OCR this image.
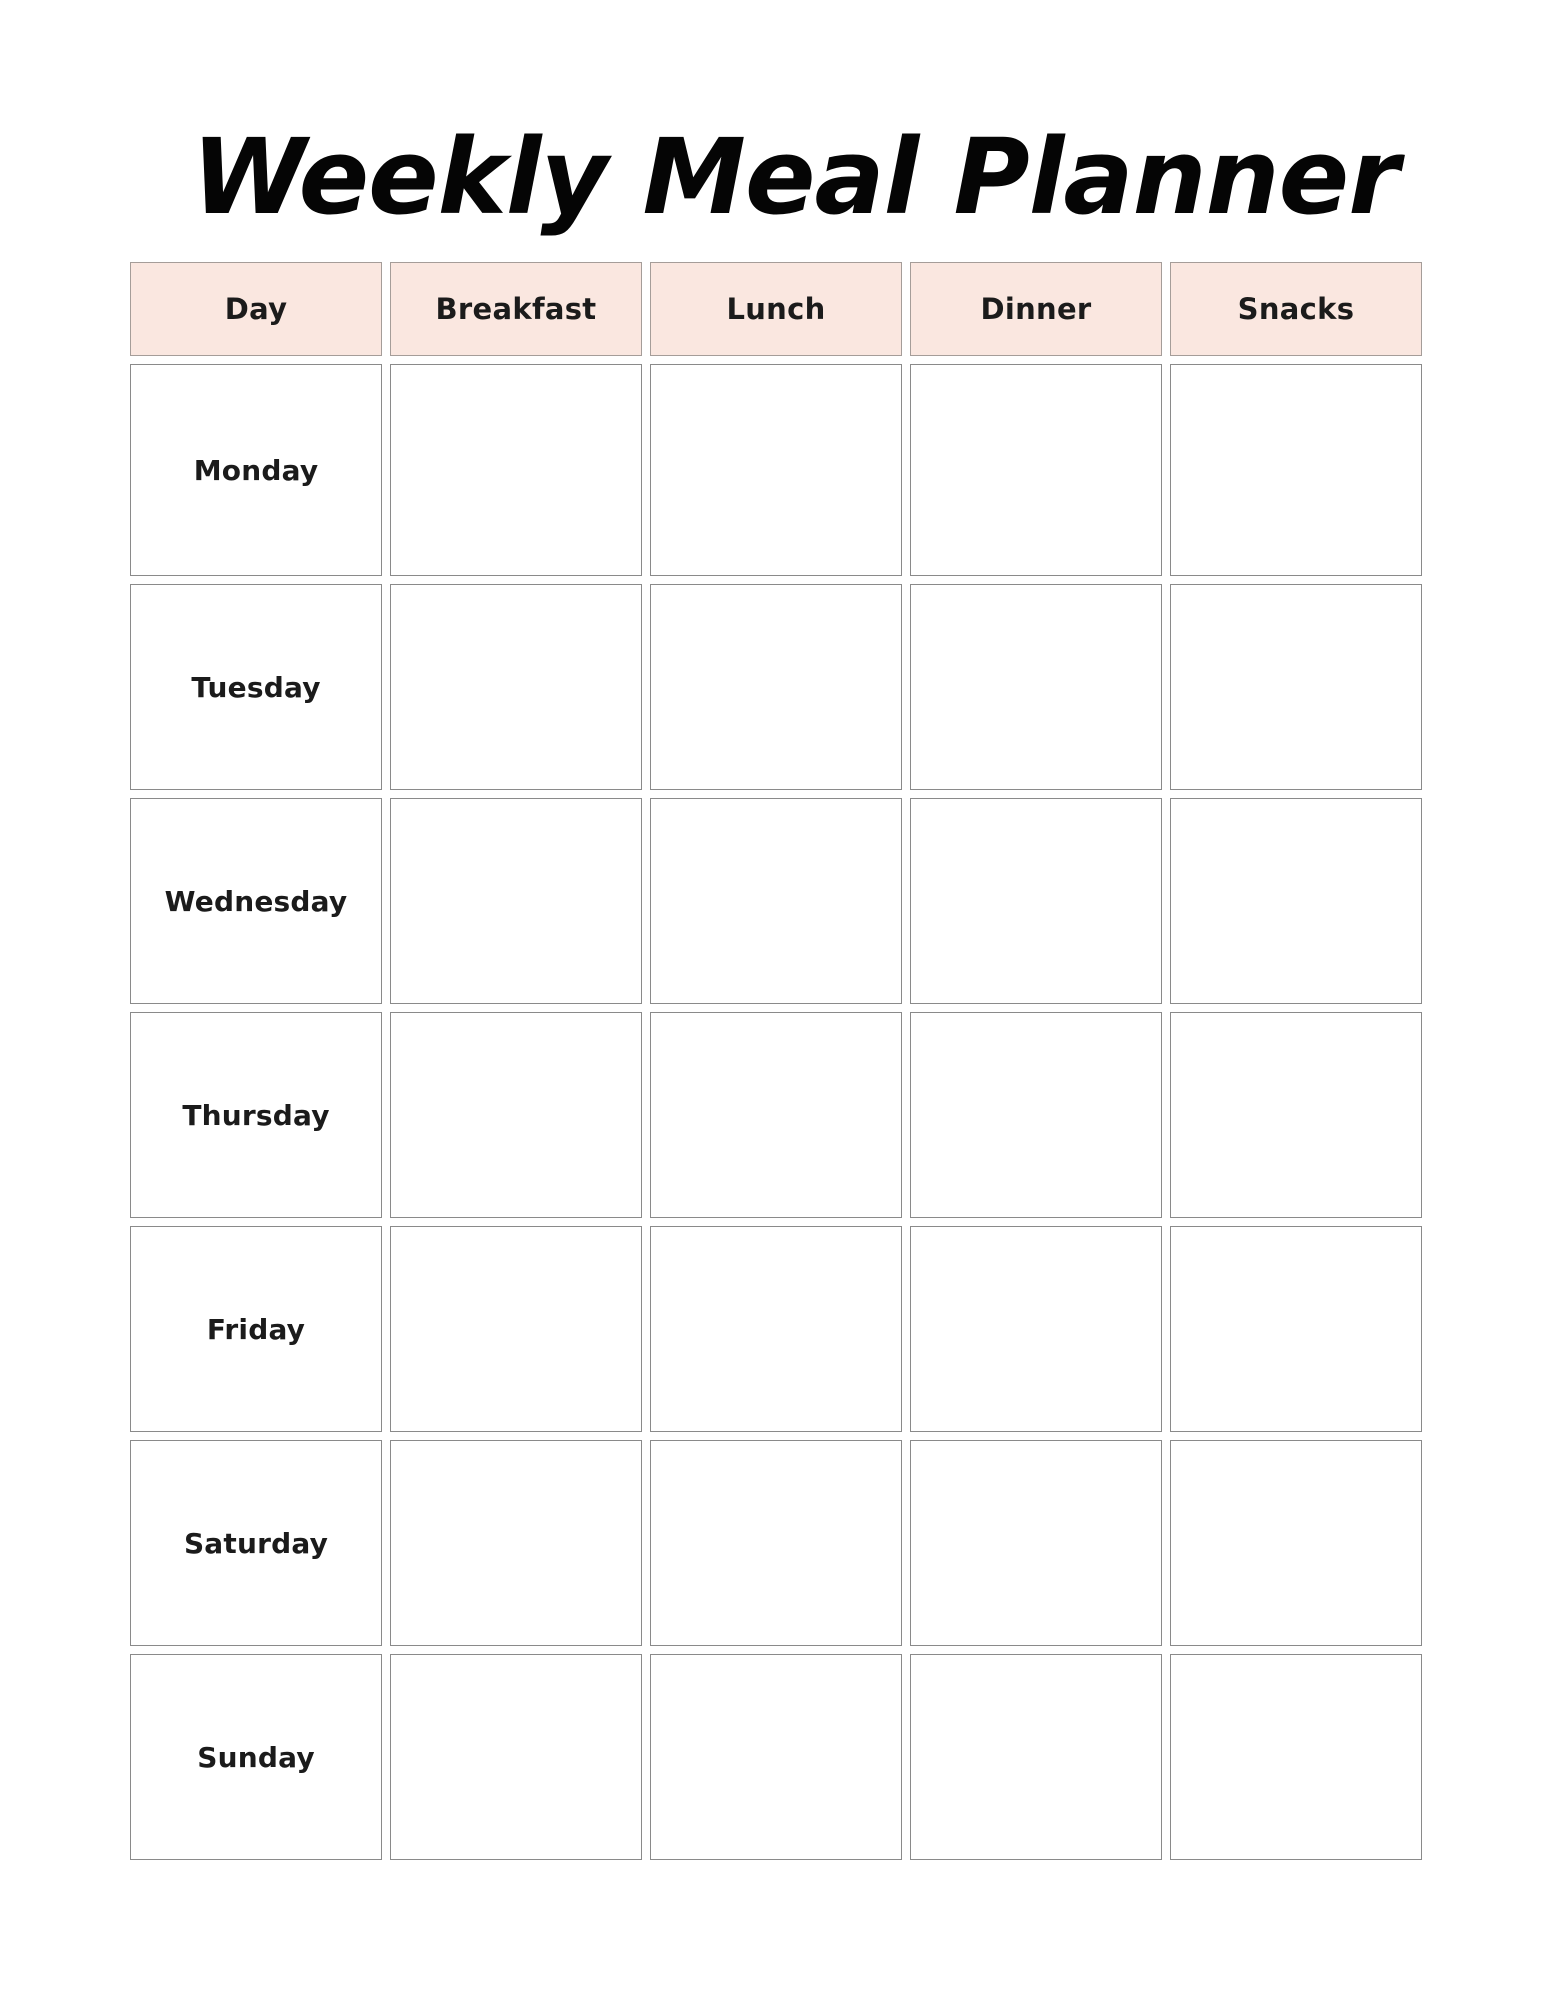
Weekly Meal Planner
Day	Breakfast	Lunch	Dinner	Snacks
Monday
Tuesday
Wednesday
Thursday
Friday
Saturday
Sunday
